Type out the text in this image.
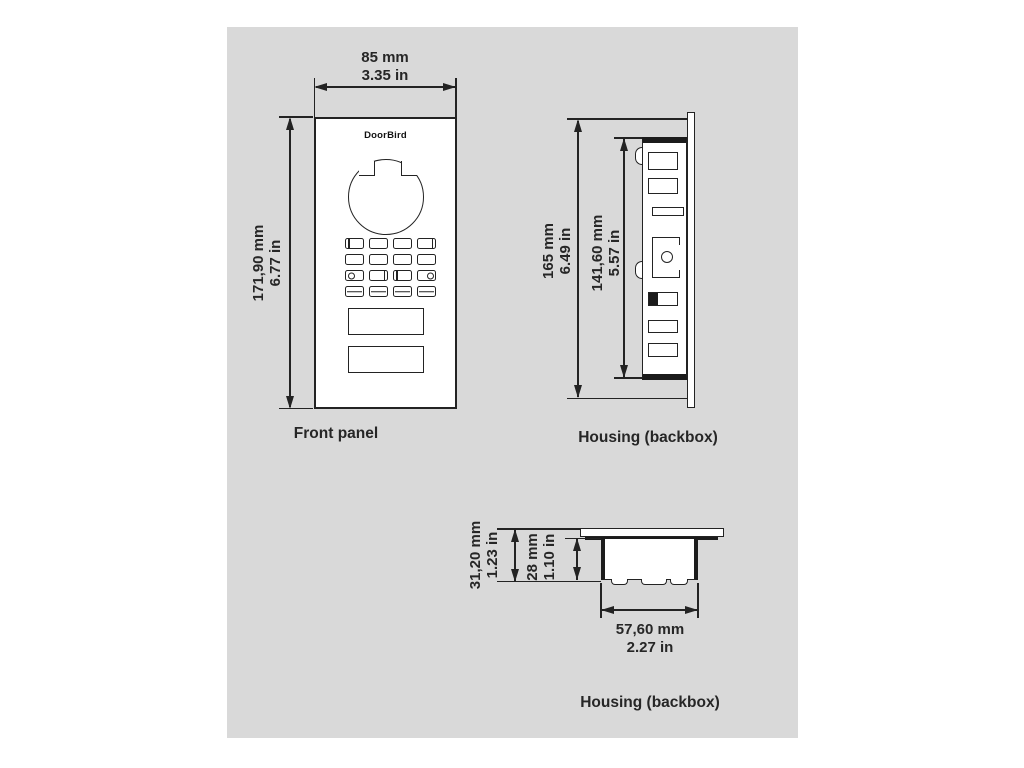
DoorBird
85 mm
3.35 in
171,90 mm 6.77 in
Front panel
165 mm 6.49 in 141,60 mm 5.57 in
Housing (backbox)
31,20 mm 1.23 in 28 mm 1.10 in
57,60 mm
2.27 in
Housing (backbox)
